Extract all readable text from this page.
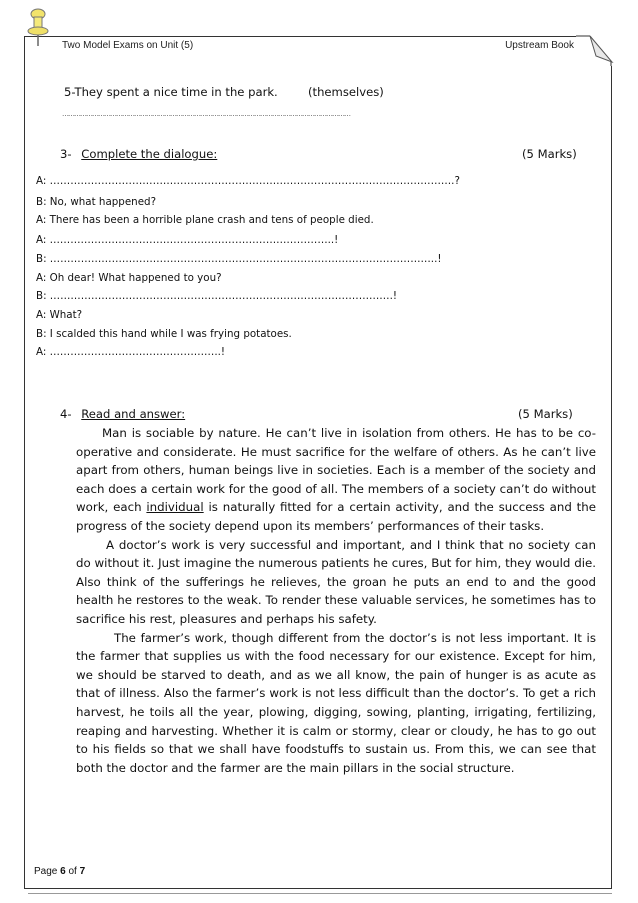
Two Model Exams on Unit (5)	Upstream Book
5-They spent a nice time in the park.	(themselves)
………………………………………………………………………………………………………………………………
3- Complete the dialogue:	(5 Marks)
A: ……………………………………………………………………………………………………….?
B: No, what happened?
A: There has been a horrible plane crash and tens of people died.
A: ………………………………………………………………………..!
B: …………………………………………………………………………………………………..!
A: Oh dear! What happened to you?
B: ……………………………………………………………………………………….!
A: What?
B: I scalded this hand while I was frying potatoes.
A: …………………………………………..!
4- Read and answer:	(5 Marks)

Man is sociable by nature. He can’t live in isolation from others. He has to be co-operative and considerate. He must sacrifice for the welfare of others. As he can’t live apart from others, human beings live in societies. Each is a member of the society and each does a certain work for the good of all. The members of a society can’t do without work, each individual is naturally fitted for a certain activity, and the success and the progress of the society depend upon its members’ performances of their tasks.

A doctor’s work is very successful and important, and I think that no society can do without it. Just imagine the numerous patients he cures, But for him, they would die. Also think of the sufferings he relieves, the groan he puts an end to and the good health he restores to the weak. To render these valuable services, he sometimes has to sacrifice his rest, pleasures and perhaps his safety.

The farmer’s work, though different from the doctor’s is not less important. It is the farmer that supplies us with the food necessary for our existence. Except for him, we should be starved to death, and as we all know, the pain of hunger is as acute as that of illness. Also the farmer’s work is not less difficult than the doctor’s. To get a rich harvest, he toils all the year, plowing, digging, sowing, planting, irrigating, fertilizing, reaping and harvesting. Whether it is calm or stormy, clear or cloudy, he has to go out to his fields so that we shall have foodstuffs to sustain us. From this, we can see that both the doctor and the farmer are the main pillars in the social structure.

Page 6 of 7
